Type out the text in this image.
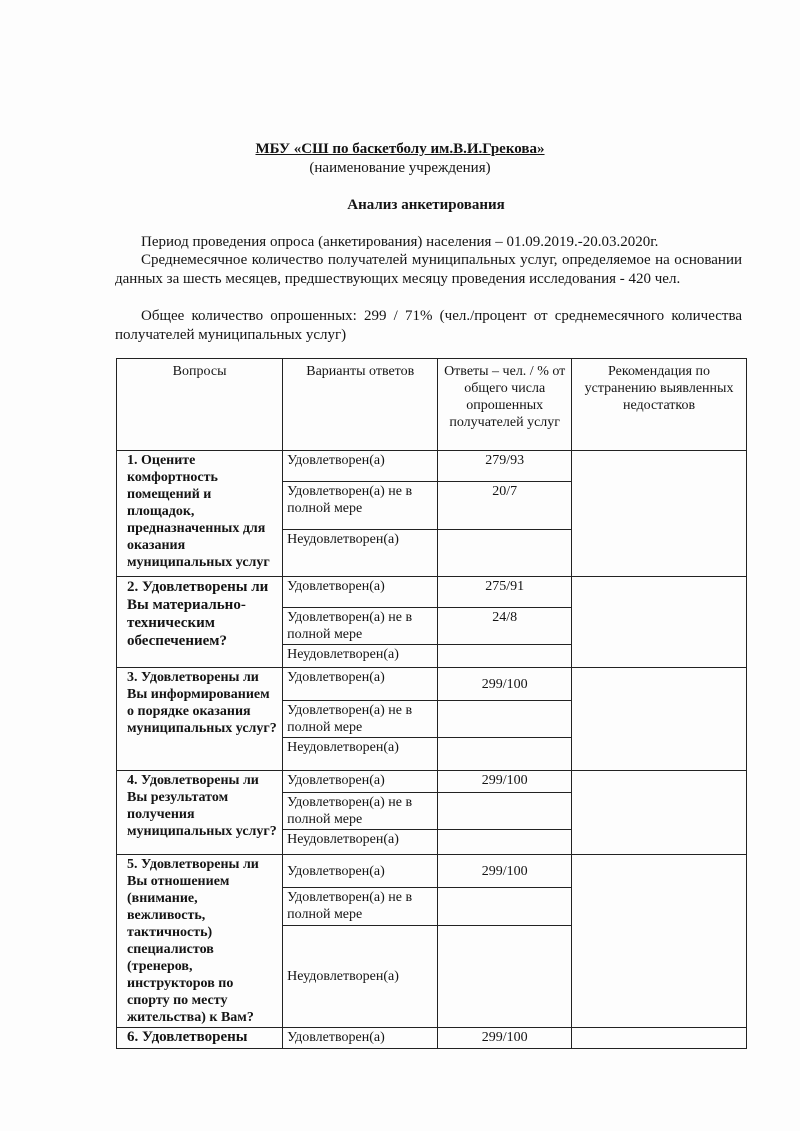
МБУ «СШ по баскетболу им.В.И.Грекова»
(наименование учреждения)
Анализ анкетирования
Период проведения опроса (анкетирования) населения – 01.09.2019.-20.03.2020г.
Среднемесячное количество получателей муниципальных услуг, определяемое на основании данных за шесть месяцев, предшествующих месяцу проведения исследования - 420 чел.
Общее количество опрошенных: 299 / 71% (чел./процент от среднемесячного количества получателей муниципальных услуг)
Вопросы	Варианты ответов	Ответы – чел. / % от общего числа опрошенных получателей услуг	Рекомендация по устранению выявленных недостатков

1. Оцените комфортность помещений и площадок, предназначенных для оказания муниципальных услуг	Удовлетворен(а)	279/93	
	Удовлетворен(а) не в полной мере	20/7	
	Неудовлетворен(а)		

2. Удовлетворены ли Вы материально-техническим обеспечением?	Удовлетворен(а)	275/91	
	Удовлетворен(а) не в полной мере	24/8	
	Неудовлетворен(а)		

3. Удовлетворены ли Вы информированием о порядке оказания муниципальных услуг?	Удовлетворен(а)	299/100	
	Удовлетворен(а) не в полной мере		
	Неудовлетворен(а)		

4. Удовлетворены ли Вы результатом получения муниципальных услуг?	Удовлетворен(а)	299/100	
	Удовлетворен(а) не в полной мере		
	Неудовлетворен(а)		

5. Удовлетворены ли Вы отношением (внимание, вежливость, тактичность) специалистов (тренеров, инструкторов по спорту по месту жительства) к Вам?	Удовлетворен(а)	299/100	
	Удовлетворен(а) не в полной мере		
	Неудовлетворен(а)		

6. Удовлетворены	Удовлетворен(а)	299/100	
